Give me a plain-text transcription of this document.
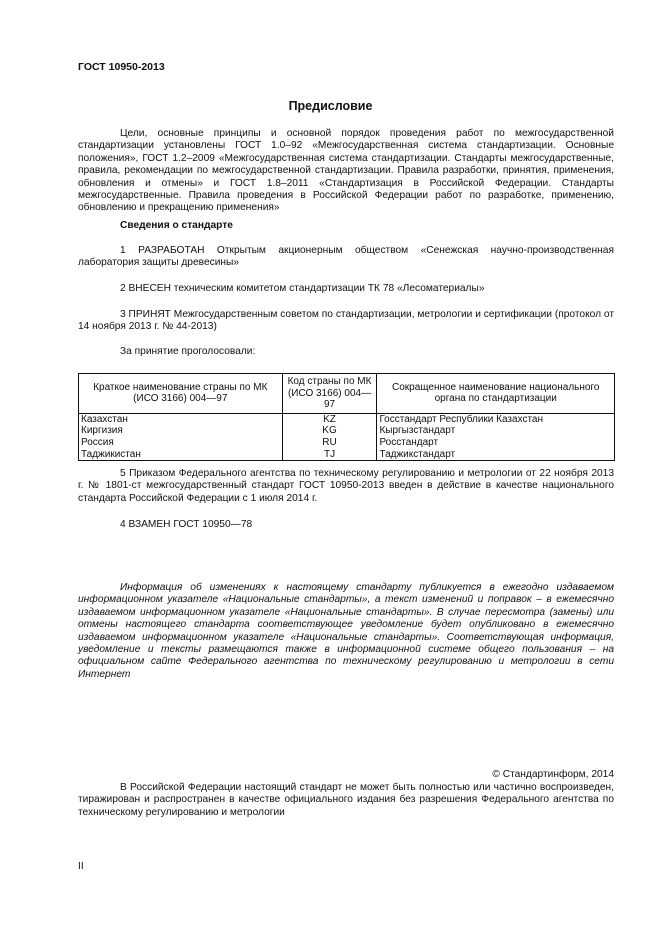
ГОСТ 10950-2013
Предисловие

Цели, основные принципы и основной порядок проведения работ по межгосударственной стандартизации установлены ГОСТ 1.0–92 «Межгосударственная система стандартизации. Основные положения», ГОСТ 1.2–2009 «Межгосударственная система стандартизации. Стандарты межгосударственные, правила, рекомендации по межгосударственной стандартизации. Правила разработки, принятия, применения, обновления и отмены» и ГОСТ 1.8–2011 «Стандартизация в Российской Федерации. Стандарты межгосударственные. Правила проведения в Российской Федерации работ по разработке, применению, обновлению и прекращению применения»

Сведения о стандарте

1 РАЗРАБОТАН Открытым акционерным обществом «Сенежская научно-производственная лаборатория защиты древесины»

2 ВНЕСЕН техническим комитетом стандартизации ТК 78 «Лесоматериалы»

3 ПРИНЯТ Межгосударственным советом по стандартизации, метрологии и сертификации (протокол от 14 ноября 2013 г. № 44-2013)

За принятие проголосовали:
Краткое наименование страны по МК (ИСО 3166) 004—97	Код страны по МК (ИСО 3166) 004—97	Сокращенное наименование национального органа по стандартизации
Казахстан	KZ	Госстандарт Республики Казахстан
Киргизия	KG	Кыргызстандарт
Россия	RU	Росстандарт
Таджикистан	TJ	Таджикстандарт

5 Приказом Федерального агентства по техническому регулированию и метрологии от 22 ноября 2013 г. № 1801-ст межгосударственный стандарт ГОСТ 10950-2013 введен в действие в качестве национального стандарта Российской Федерации с 1 июля 2014 г.

4 ВЗАМЕН ГОСТ 10950—78

Информация об изменениях к настоящему стандарту публикуется в ежегодно издаваемом информационном указателе «Национальные стандарты», а текст изменений и поправок – в ежемесячно издаваемом информационном указателе «Национальные стандарты». В случае пересмотра (замены) или отмены настоящего стандарта соответствующее уведомление будет опубликовано в ежемесячно издаваемом информационном указателе «Национальные стандарты». Соответствующая информация, уведомление и тексты размещаются также в информационной системе общего пользования – на официальном сайте Федерального агентства по техническому регулированию и метрологии в сети Интернет

© Стандартинформ, 2014

В Российской Федерации настоящий стандарт не может быть полностью или частично воспроизведен, тиражирован и распространен в качестве официального издания без разрешения Федерального агентства по техническому регулированию и метрологии

II
